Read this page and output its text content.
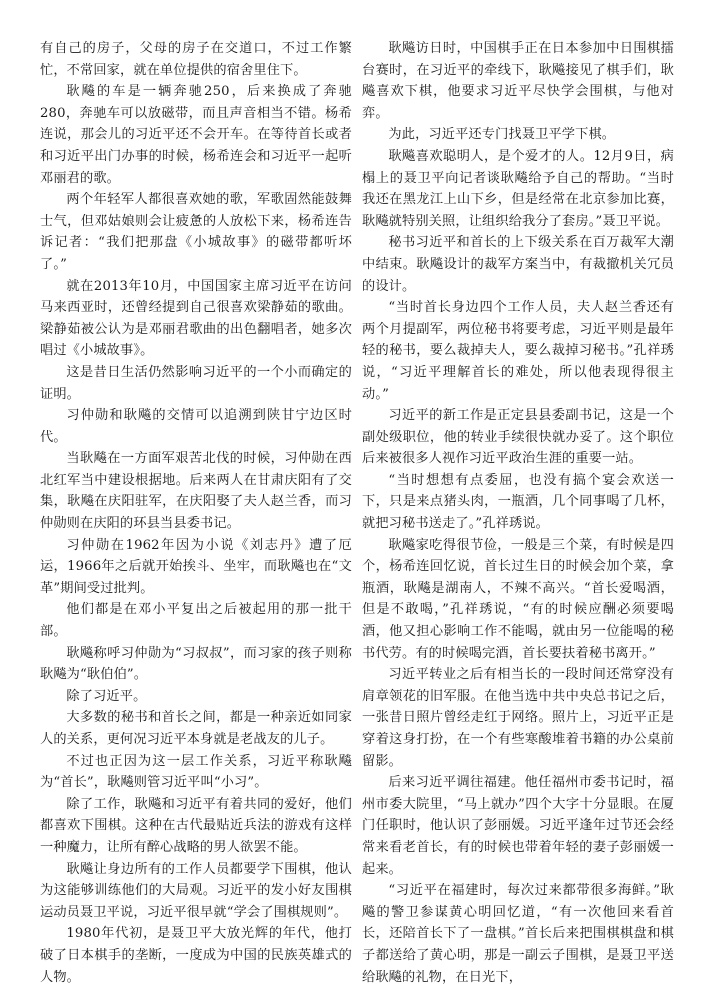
有自己的房子，父母的房子在交道口，不过工作繁忙，不常回家，就在单位提供的宿舍里住下。

耿飚的车是一辆奔驰250，后来换成了奔驰280，奔驰车可以放磁带，而且声音相当不错。杨希连说，那会儿的习近平还不会开车。在等待首长或者和习近平出门办事的时候，杨希连会和习近平一起听邓丽君的歌。

两个年轻军人都很喜欢她的歌，军歌固然能鼓舞士气，但邓姑娘则会让疲惫的人放松下来，杨希连告诉记者：“我们把那盘《小城故事》的磁带都听坏了。”

就在2013年10月，中国国家主席习近平在访问马来西亚时，还曾经提到自己很喜欢梁静茹的歌曲。梁静茹被公认为是邓丽君歌曲的出色翻唱者，她多次唱过《小城故事》。

这是昔日生活仍然影响习近平的一个小而确定的证明。

习仲勋和耿飚的交情可以追溯到陕甘宁边区时代。

当耿飚在一方面军艰苦北伐的时候，习仲勋在西北红军当中建设根据地。后来两人在甘肃庆阳有了交集，耿飚在庆阳驻军，在庆阳娶了夫人赵兰香，而习仲勋则在庆阳的环县当县委书记。

习仲勋在1962年因为小说《刘志丹》遭了厄运，1966年之后就开始挨斗、坐牢，而耿飚也在“文革”期间受过批判。

他们都是在邓小平复出之后被起用的那一批干部。

耿飚称呼习仲勋为“习叔叔”，而习家的孩子则称耿飚为“耿伯伯”。

除了习近平。

大多数的秘书和首长之间，都是一种亲近如同家人的关系，更何况习近平本身就是老战友的儿子。

不过也正因为这一层工作关系，习近平称耿飚为“首长”，耿飚则管习近平叫“小习”。

除了工作，耿飚和习近平有着共同的爱好，他们都喜欢下围棋。这种在古代最贴近兵法的游戏有这样一种魔力，让所有醉心战略的男人欲罢不能。

耿飚让身边所有的工作人员都要学下围棋，他认为这能够训练他们的大局观。习近平的发小好友围棋运动员聂卫平说，习近平很早就“学会了围棋规则”。

1980年代初，是聂卫平大放光辉的年代，他打破了日本棋手的垄断，一度成为中国的民族英雄式的人物。

耿飚访日时，中国棋手正在日本参加中日围棋擂台赛时，在习近平的牵线下，耿飚接见了棋手们，耿飚喜欢下棋，他要求习近平尽快学会围棋，与他对弈。

为此，习近平还专门找聂卫平学下棋。

耿飚喜欢聪明人，是个爱才的人。12月9日，病榻上的聂卫平向记者谈耿飚给予自己的帮助。“当时我还在黑龙江上山下乡，但是经常在北京参加比赛，耿飚就特别关照，让组织给我分了套房。”聂卫平说。

秘书习近平和首长的上下级关系在百万裁军大潮中结束。耿飚设计的裁军方案当中，有裁撤机关冗员的设计。

“当时首长身边四个工作人员，夫人赵兰香还有两个月提副军，两位秘书将要考虑，习近平则是最年轻的秘书，要么裁掉夫人，要么裁掉习秘书。”孔祥琇说，“习近平理解首长的难处，所以他表现得很主动。”

习近平的新工作是正定县县委副书记，这是一个副处级职位，他的转业手续很快就办妥了。这个职位后来被很多人视作习近平政治生涯的重要一站。

“当时想想有点委屈，也没有搞个宴会欢送一下，只是来点猪头肉，一瓶酒，几个同事喝了几杯，就把习秘书送走了。”孔祥琇说。

耿飚家吃得很节俭，一般是三个菜，有时候是四个，杨希连回忆说，首长过生日的时候会加个菜，拿瓶酒，耿飚是湖南人，不辣不高兴。“首长爱喝酒，但是不敢喝，”孔祥琇说，“有的时候应酬必须要喝酒，他又担心影响工作不能喝，就由另一位能喝的秘书代劳。有的时候喝完酒，首长要扶着秘书离开。”

习近平转业之后有相当长的一段时间还常穿没有肩章领花的旧军服。在他当选中共中央总书记之后，一张昔日照片曾经走红于网络。照片上，习近平正是穿着这身打扮，在一个有些寒酸堆着书籍的办公桌前留影。

后来习近平调往福建。他任福州市委书记时，福州市委大院里，“马上就办”四个大字十分显眼。在厦门任职时，他认识了彭丽媛。习近平逢年过节还会经常来看老首长，有的时候也带着年轻的妻子彭丽媛一起来。

“习近平在福建时，每次过来都带很多海鲜。”耿飚的警卫参谋黄心明回忆道，“有一次他回来看首长，还陪首长下了一盘棋。”首长后来把围棋棋盘和棋子都送给了黄心明，那是一副云子围棋，是聂卫平送给耿飚的礼物，在日光下，
